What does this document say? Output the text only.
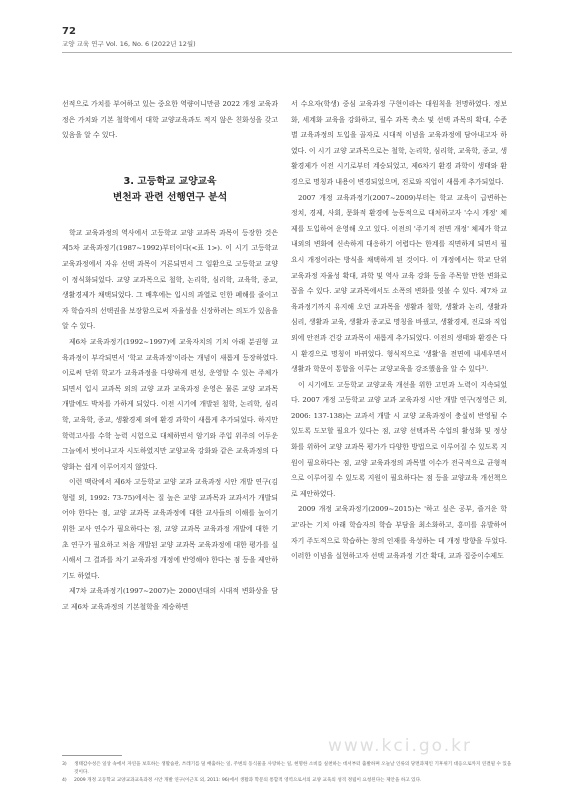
72
교양 교육 연구 Vol. 16, No. 6 (2022년 12월)

선적으로 가치를 부여하고 있는 중요한 역량이니만큼 2022 개정 교육과정은 가치와 기본 철학에서 대학 교양교육과도 적지 않은 친화성을 갖고 있음을 알 수 있다.

3. 고등학교 교양교육
변천과 관련 선행연구 분석

학교 교육과정의 역사에서 고등학교 교양 교과목 과목이 등장한 것은 제5차 교육과정기(1987~1992)부터이다(<표 1>). 이 시기 고등학교 교육과정에서 자유 선택 과목이 거론되면서 그 일환으로 고등학교 교양이 정식화되었다. 교양 교과목으로 철학, 논리학, 심리학, 교육학, 종교, 생활경제가 채택되었다. 그 배후에는 입시의 과열로 인한 폐해를 줄이고자 학습자의 선택권을 보장함으로써 자율성을 신장하려는 의도가 있음을 알 수 있다.

제6차 교육과정기(1992~1997)에 교육자치의 기치 아래 분권형 교육과정이 부각되면서 '학교 교육과정'이라는 개념이 새롭게 등장하였다. 이로써 단위 학교가 교육과정을 다양하게 편성, 운영할 수 있는 주체가 되면서 입시 교과목 외의 교양 교과 교육과정 운영은 물론 교양 교과목 개발에도 박차를 가하게 되었다. 이전 시기에 개발된 철학, 논리학, 심리학, 교육학, 종교, 생활경제 외에 환경 과학이 새롭게 추가되었다. 하지만 학력고사를 수학 능력 시험으로 대체하면서 암기와 주입 위주의 어두운 그늘에서 벗어나고자 시도하였지만 교양교육 강화와 같은 교육과정의 다양화는 쉽게 이루어지지 않았다.

이런 맥락에서 제6차 고등학교 교양 교과 교육과정 시안 개발 연구(김형렬 외, 1992: 73-75)에서는 질 높은 교양 교과목과 교과서가 개발되어야 한다는 점, 교양 교과목 교육과정에 대한 교사들의 이해를 높이기 위한 교사 연수가 필요하다는 점, 교양 교과목 교육과정 개발에 대한 기초 연구가 필요하고 처음 개발된 교양 교과목 교육과정에 대한 평가를 실시해서 그 결과를 차기 교육과정 개정에 반영해야 한다는 점 등을 제안하기도 하였다.

제7차 교육과정기(1997~2007)는 2000년대의 시대적 변화상을 담고 제6차 교육과정의 기본철학을 계승하면

서 수요자(학생) 중심 교육과정 구현이라는 대원칙을 천명하였다. 정보화, 세계화 교육을 강화하고, 필수 과목 축소 및 선택 과목의 확대, 수준별 교육과정의 도입을 골자로 시대적 이념을 교육과정에 담아내고자 하였다. 이 시기 교양 교과목으로는 철학, 논리학, 심리학, 교육학, 종교, 생활경제가 이전 시기로부터 계승되었고, 제6차기 환경 과학이 생태와 환경으로 명칭과 내용이 변경되었으며, 진로와 직업이 새롭게 추가되었다.

2007 개정 교육과정기(2007~2009)부터는 학교 교육이 급변하는 정치, 경제, 사회, 문화적 환경에 능동적으로 대처하고자 '수시 개정' 체제를 도입하여 운영해 오고 있다. 이전의 '주기적 전면 개정' 체제가 학교 내외의 변화에 신속하게 대응하기 어렵다는 한계를 직면하게 되면서 필요시 개정이라는 방식을 채택하게 된 것이다. 이 개정에서는 학교 단위 교육과정 자율성 확대, 과학 및 역사 교육 강화 등을 주목할 만한 변화로 꼽을 수 있다. 교양 교과목에서도 소폭의 변화를 엿볼 수 있다. 제7차 교육과정기까지 유지해 오던 교과목을 생활과 철학, 생활과 논리, 생활과 심리, 생활과 교육, 생활과 종교로 명칭을 바꿨고, 생활경제, 진로와 직업 외에 안전과 건강 교과목이 새롭게 추가되었다. 이전의 생태와 환경은 다시 환경으로 명칭이 바뀌었다. 형식적으로 '생활'을 전면에 내세우면서 생활과 학문이 통합을 이루는 교양교육을 강조했음을 알 수 있다³⁾.

이 시기에도 고등학교 교양교육 개선을 위한 고민과 노력이 지속되었다. 2007 개정 고등학교 교양 교과 교육과정 시안 개발 연구(정영근 외, 2006: 137-138)는 교과서 개발 시 교양 교육과정이 충실히 반영될 수 있도록 도모할 필요가 있다는 점, 교양 선택과목 수업의 활성화 및 정상화를 위하여 교양 교과목 평가가 다양한 방법으로 이루어질 수 있도록 지원이 필요하다는 점, 교양 교육과정의 과목별 이수가 전국적으로 균형적으로 이루어질 수 있도록 지원이 필요하다는 점 등을 교양교육 개선책으로 제안하였다.

2009 개정 교육과정기(2009~2015)는 '하고 싶은 공부, 즐거운 학교'라는 기치 아래 학습자의 학습 부담을 최소화하고, 흥미를 유발하여 자기 주도적으로 학습하는 창의 인재를 육성하는 데 개정 방향을 두었다. 이러한 이념을 실현하고자 선택 교육과정 기간 확대, 교과 집중이수제도

3)	생태감수성은 일상 속에서 자연을 보호하는 생활습관, 쓰레기를 덜 배출하는 일, 주변의 동식물을 사랑하는 일, 현명한 소비를 실천하는 데서부터 출발하며 오늘날 인류의 당면과제인 기후위기 대응으로까지 연결될 수 있을 것이다.
4)	2009 개정 고등학교 교양교과교육과정 시안 개발 연구(이근호 외, 2011: 96)에서 생활과 학문의 통합적 영역으로서의 교양 교육의 성격 정립이 요청된다는 제안을 하고 있다.
www.kci.go.kr
